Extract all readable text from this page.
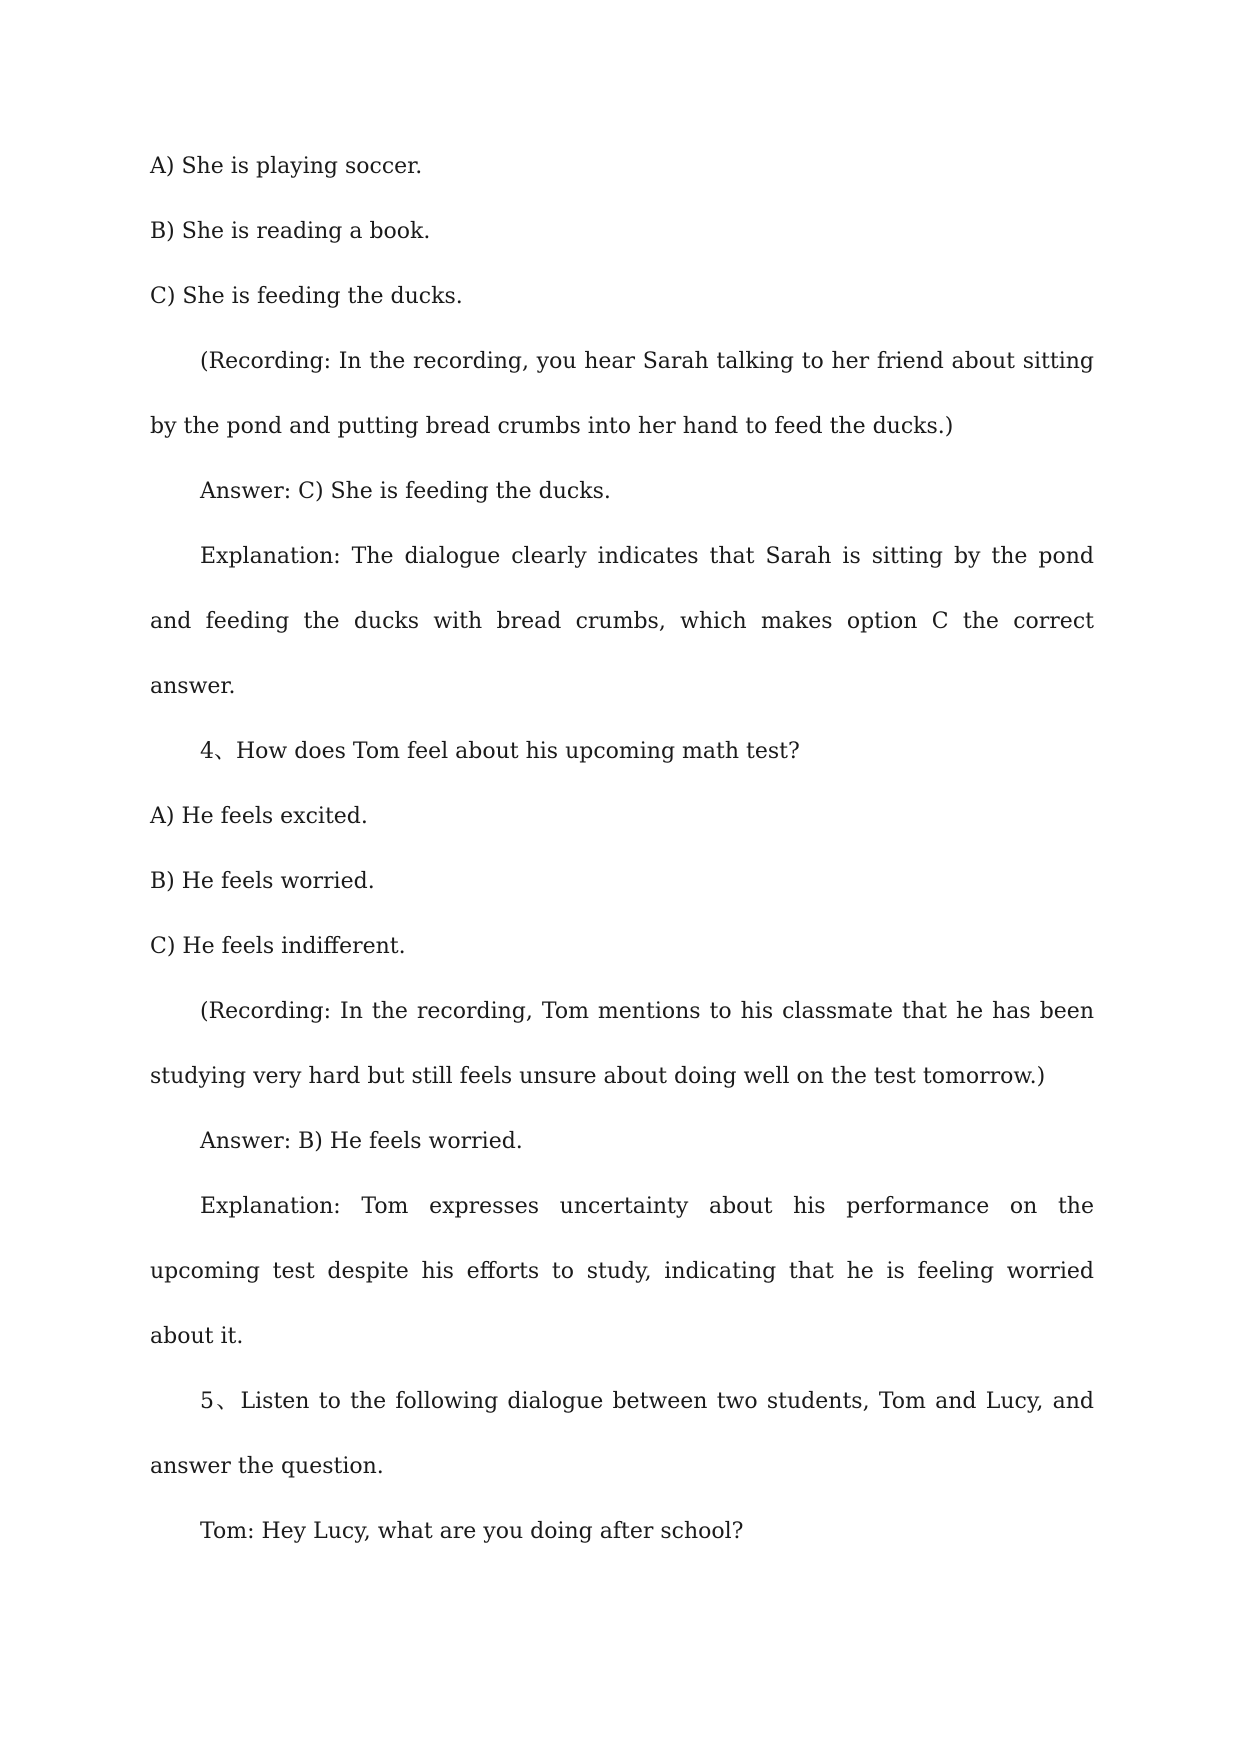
A) She is playing soccer.

B) She is reading a book.

C) She is feeding the ducks.

(Recording: In the recording, you hear Sarah talking to her friend about sitting by the pond and putting bread crumbs into her hand to feed the ducks.)

Answer: C) She is feeding the ducks.

Explanation: The dialogue clearly indicates that Sarah is sitting by the pond and feeding the ducks with bread crumbs, which makes option C the correct answer.

4、How does Tom feel about his upcoming math test?

A) He feels excited.

B) He feels worried.

C) He feels indifferent.

(Recording: In the recording, Tom mentions to his classmate that he has been studying very hard but still feels unsure about doing well on the test tomorrow.)

Answer: B) He feels worried.

Explanation: Tom expresses uncertainty about his performance on the upcoming test despite his efforts to study, indicating that he is feeling worried about it.

5、Listen to the following dialogue between two students, Tom and Lucy, and answer the question.

Tom: Hey Lucy, what are you doing after school?
